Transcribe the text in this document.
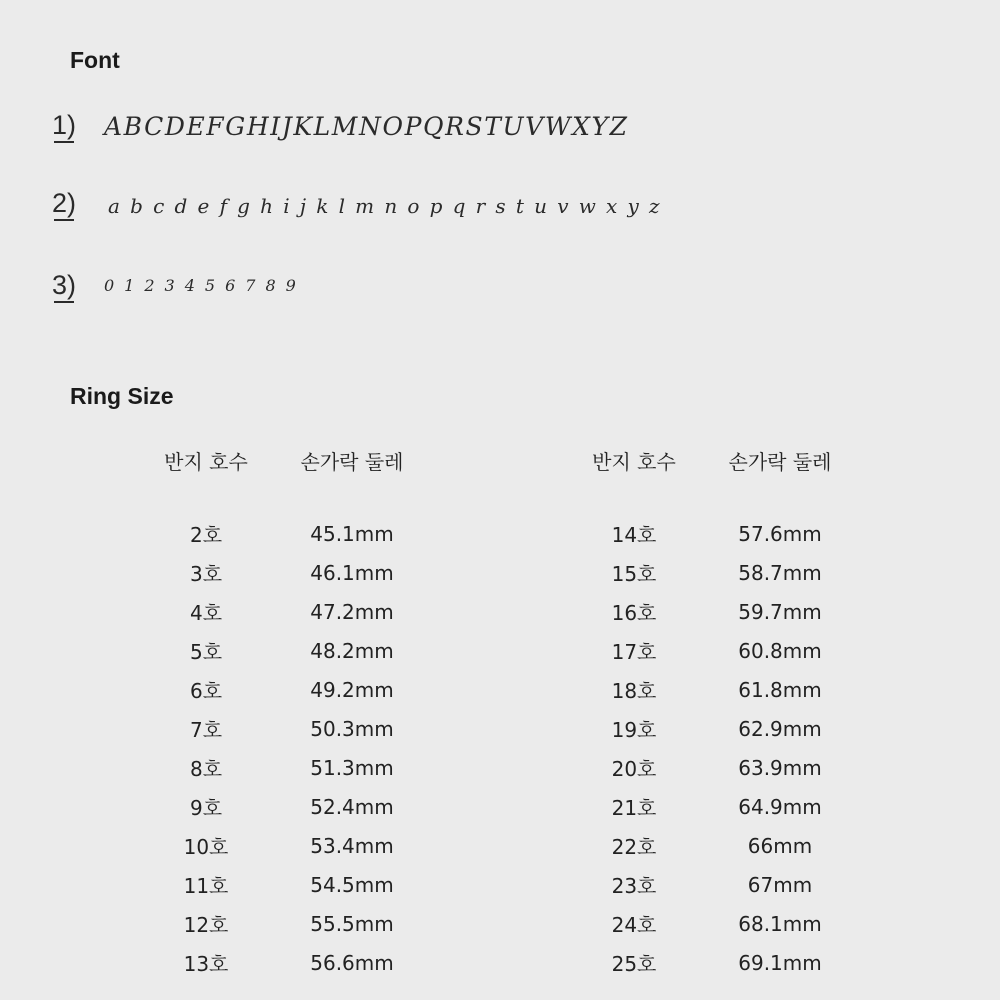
Font
1) ABCDEFGHIJKLMNOPQRSTUVWXYZ
2) abcdefghijklmnopqrstuvwxyz
3) 0123456789
Ring Size
반지 호수	손가락 둘레
2호	45.1mm
3호	46.1mm
4호	47.2mm
5호	48.2mm
6호	49.2mm
7호	50.3mm
8호	51.3mm
9호	52.4mm
10호	53.4mm
11호	54.5mm
12호	55.5mm
13호	56.6mm
반지 호수	손가락 둘레
14호	57.6mm
15호	58.7mm
16호	59.7mm
17호	60.8mm
18호	61.8mm
19호	62.9mm
20호	63.9mm
21호	64.9mm
22호	66mm
23호	67mm
24호	68.1mm
25호	69.1mm
